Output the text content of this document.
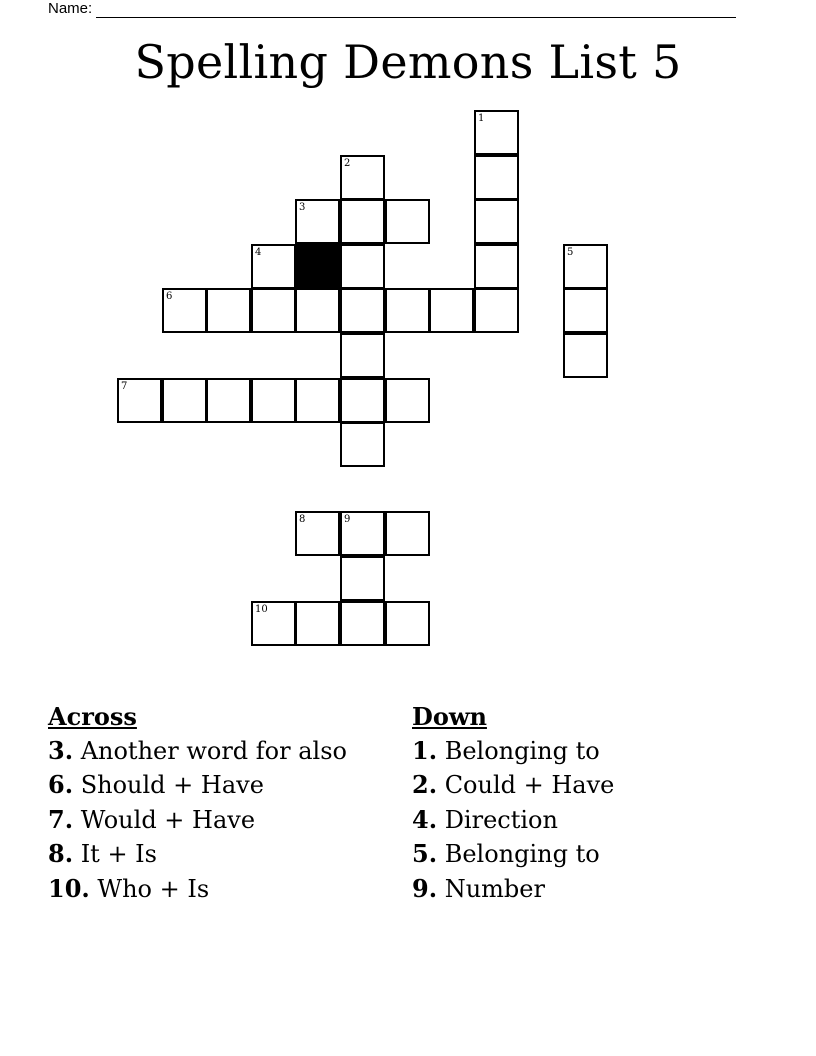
Name:
Spelling Demons List 5
1
2
3
4	5
6
7
8	9
10
Across
3. Another word for also
6. Should + Have
7. Would + Have
8. It + Is
10. Who + Is
Down
1. Belonging to
2. Could + Have
4. Direction
5. Belonging to
9. Number
